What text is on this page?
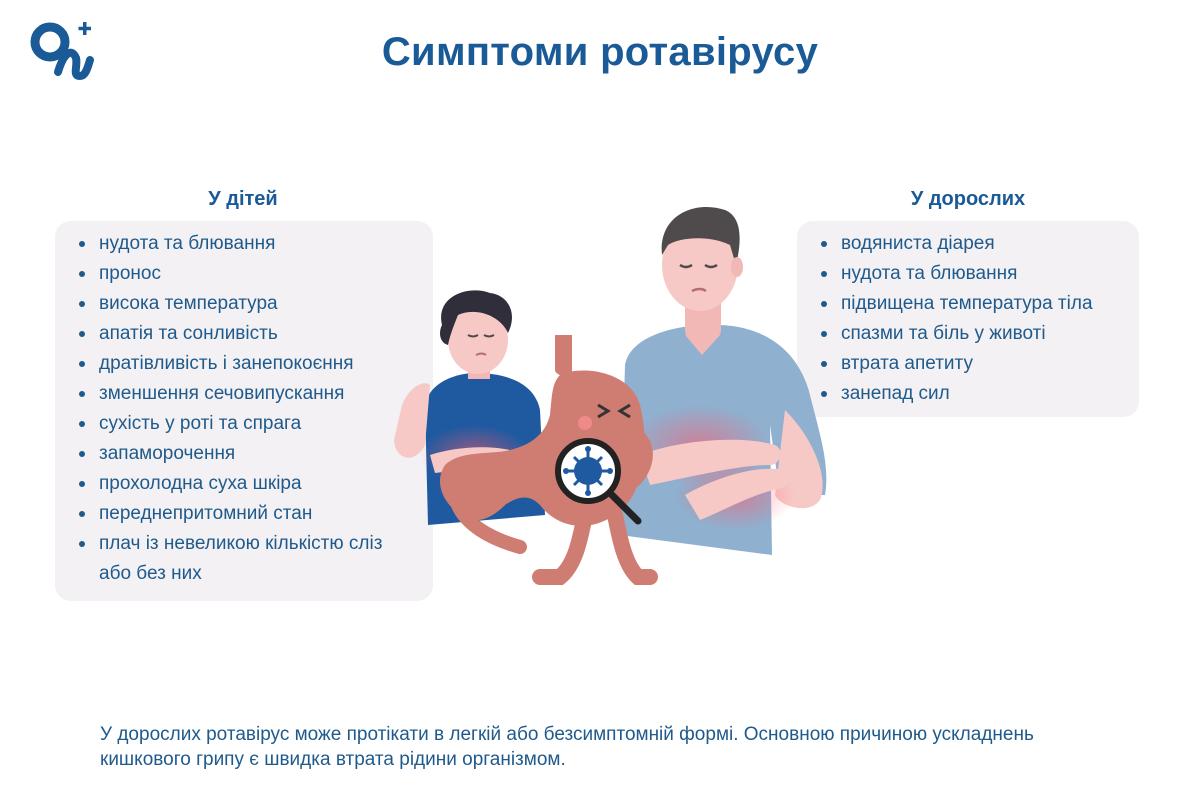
Симптоми ротавірусу
У дітей
нудота та блювання
пронос
висока температура
апатія та сонливість
дратівливість і занепокоєння
зменшення сечовипускання
сухість у роті та спрага
запаморочення
прохолодна суха шкіра
переднепритомний стан
плач із невеликою кількістю сліз або без них
У дорослих
водяниста діарея
нудота та блювання
підвищена температура тіла
спазми та біль у животі
втрата апетиту
занепад сил
У дорослих ротавірус може протікати в легкій або безсимптомній формі. Основною причиною ускладнень кишкового грипу є швидка втрата рідини організмом.
